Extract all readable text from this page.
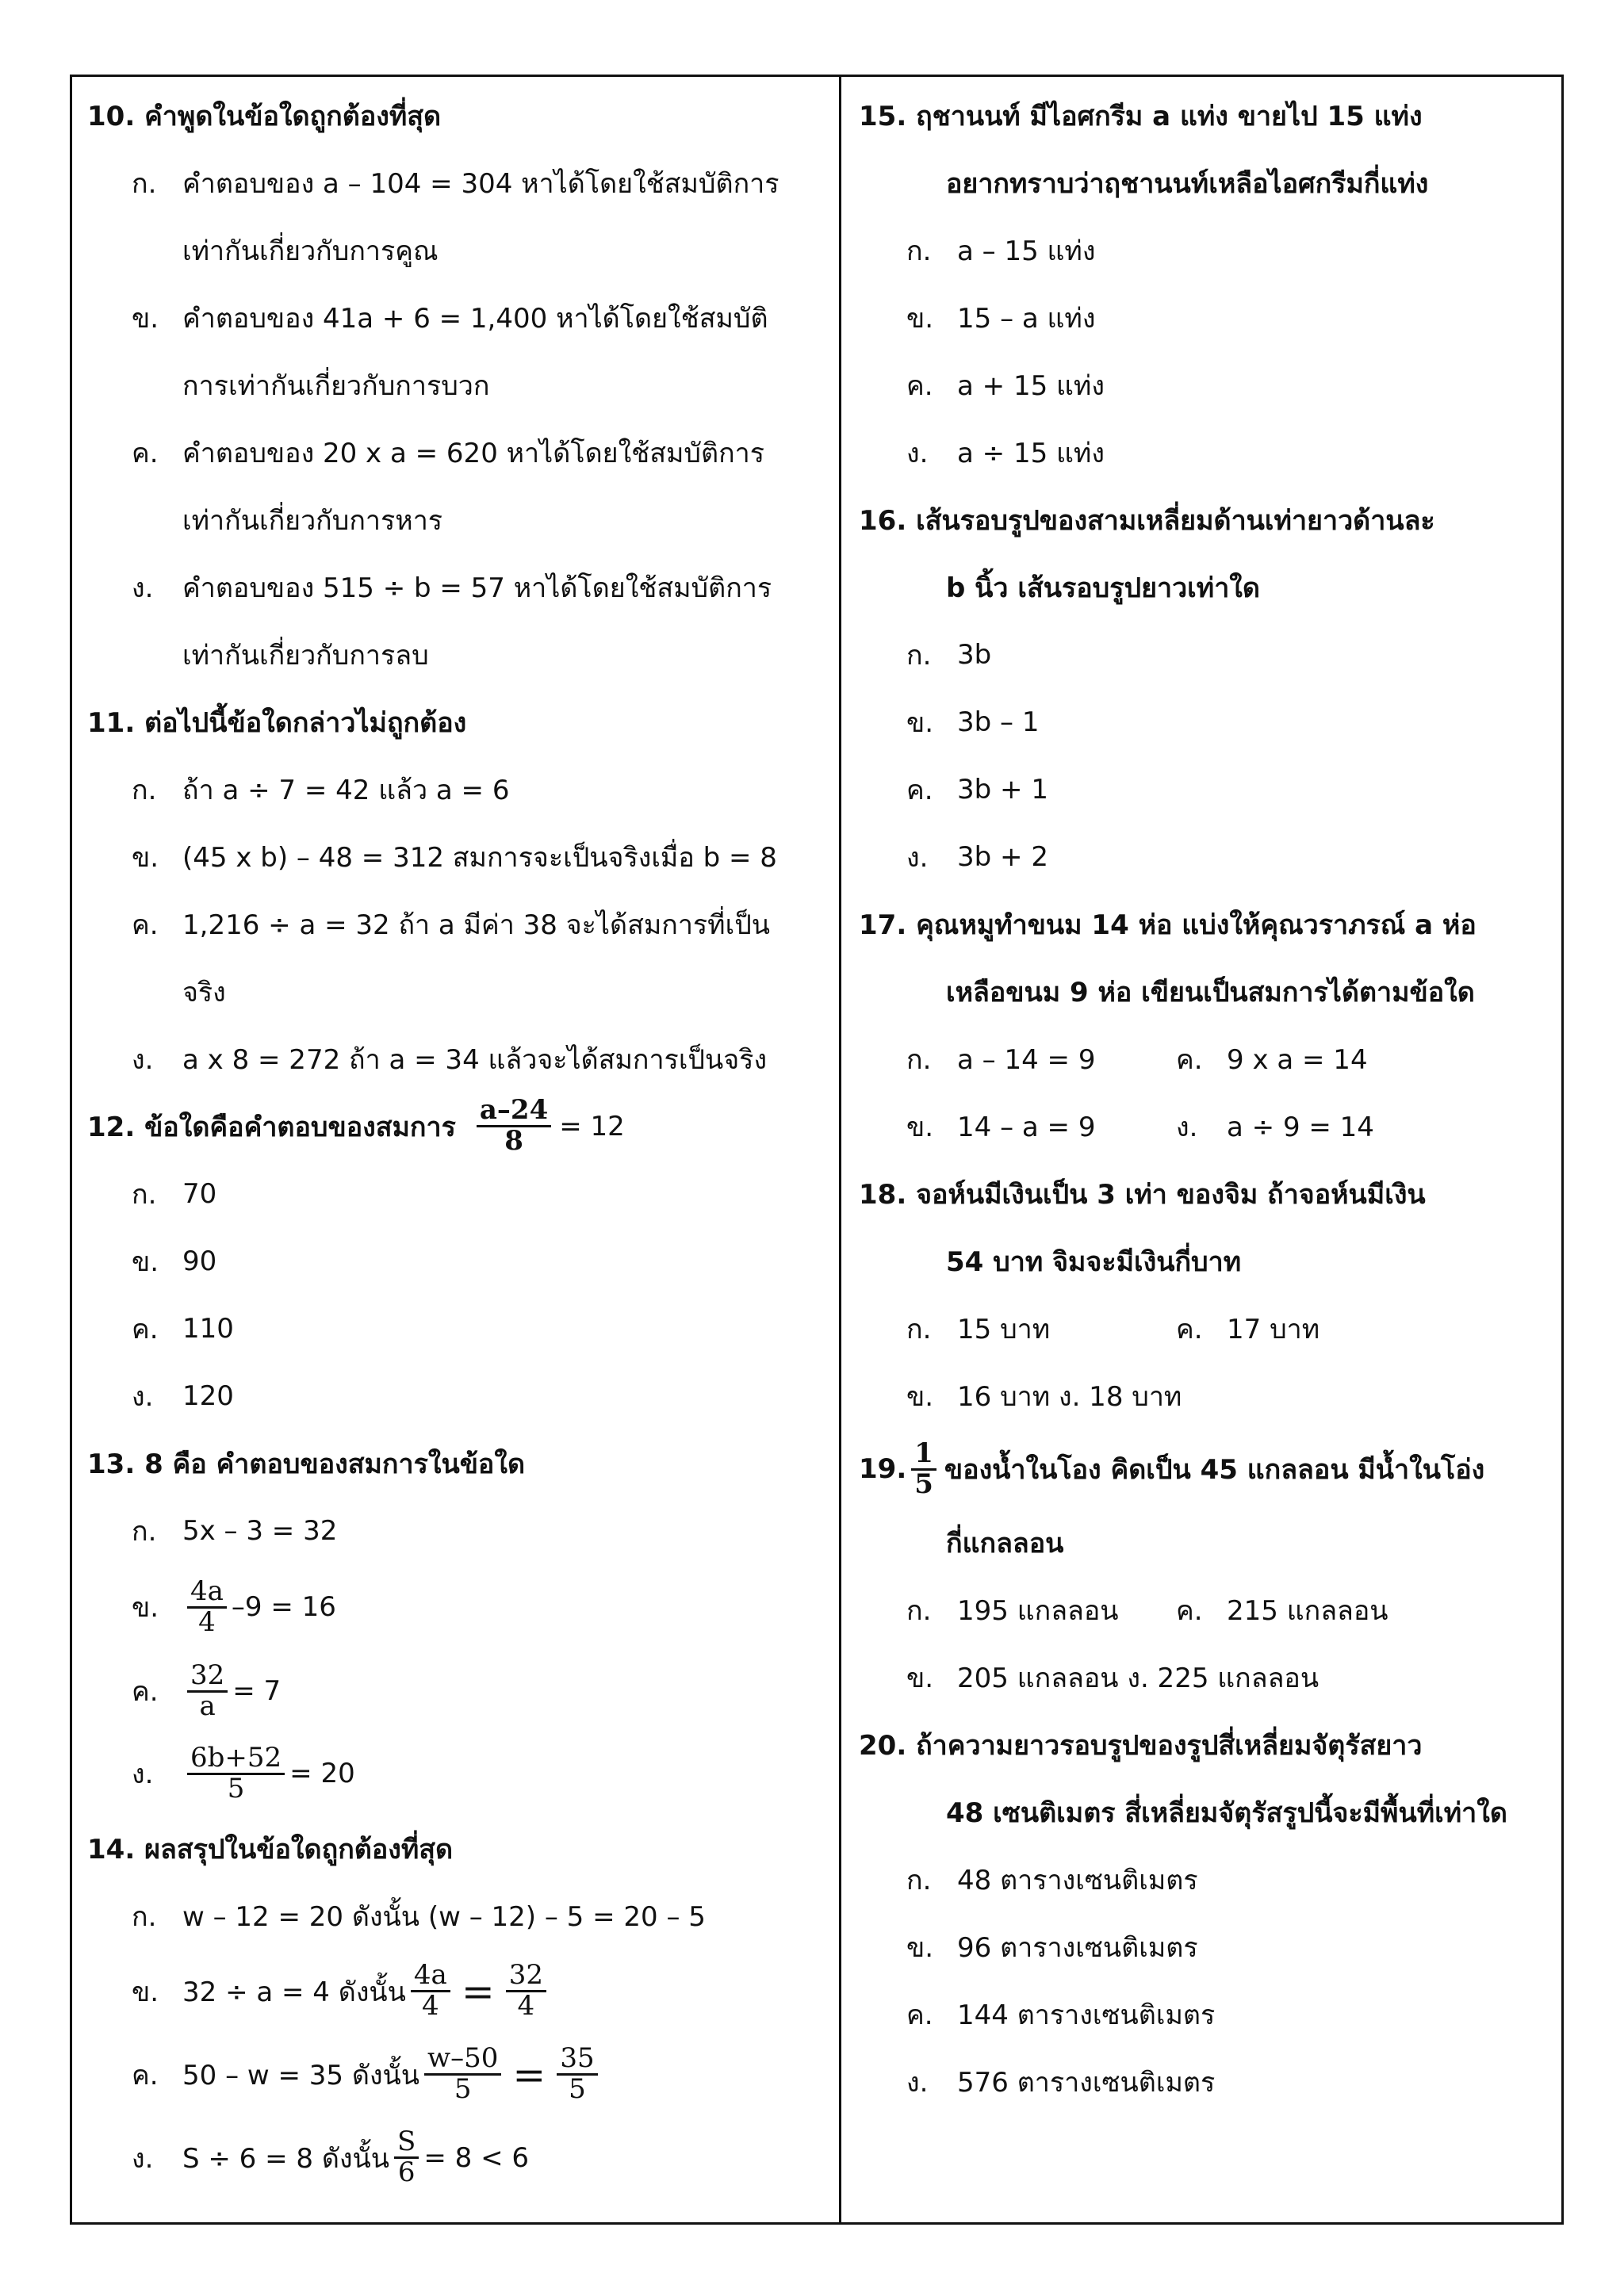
10. คำพูดในข้อใดถูกต้องที่สุด
ก. คำตอบของ a – 104 = 304 หาได้โดยใช้สมบัติการ
เท่ากันเกี่ยวกับการคูณ
ข. คำตอบของ 41a + 6 = 1,400 หาได้โดยใช้สมบัติ
การเท่ากันเกี่ยวกับการบวก
ค. คำตอบของ 20 x a = 620 หาได้โดยใช้สมบัติการ
เท่ากันเกี่ยวกับการหาร
ง.	คำตอบของ 515 ÷ b = 57 หาได้โดยใช้สมบัติการ
เท่ากันเกี่ยวกับการลบ
11. ต่อไปนี้ข้อใดกล่าวไม่ถูกต้อง
ก. ถ้า a ÷ 7 = 42 แล้ว a = 6
ข. (45 x b) – 48 = 312 สมการจะเป็นจริงเมื่อ b = 8
ค. 1,216 ÷ a = 32 ถ้า a มีค่า 38 จะได้สมการที่เป็น
จริง
ง.	a x 8 = 272 ถ้า a = 34 แล้วจะได้สมการเป็นจริง
12. ข้อใดคือคำตอบของสมการ $\frac{a-24}{8} = 12$
ก. 70
ข. 90
ค. 110
ง.	120
13. 8 คือ คำตอบของสมการในข้อใด
ก. 5x – 3 = 32
ข.	$\frac{4a}{4} -9 = 16$
ค.	$\frac{32}{a} = 7$
ง.	$\frac{6b+52}{5} = 20$
14. ผลสรุปในข้อใดถูกต้องที่สุด
ก. w – 12 = 20 ดังนั้น (w – 12) – 5 = 20 – 5
ข. 32 ÷ a = 4 ดังนั้น $\frac{4a}{4} = \frac{32}{4}$
ค. 50 – w = 35 ดังนั้น $\frac{w-50}{5} = \frac{35}{5}$
ง.	S ÷ 6 = 8 ดังนั้น $\frac{S}{6} = 8 < 6$
15. ฤชานนท์ มีไอศกรีม a แท่ง ขายไป 15 แท่ง
อยากทราบว่าฤชานนท์เหลือไอศกรีมกี่แท่ง
ก. a – 15 แท่ง
ข. 15 – a แท่ง
ค. a + 15 แท่ง
ง.	a ÷ 15 แท่ง
16. เส้นรอบรูปของสามเหลี่ยมด้านเท่ายาวด้านละ
b นิ้ว เส้นรอบรูปยาวเท่าใด
ก. 3b
ข. 3b – 1
ค. 3b + 1
ง.	3b + 2
17. คุณหมูทำขนม 14 ห่อ แบ่งให้คุณวราภรณ์ a ห่อ
เหลือขนม 9 ห่อ เขียนเป็นสมการได้ตามข้อใด
ก. a – 14 = 9	ค. 9 x a = 14
ข. 14 – a = 9	ง. a ÷ 9 = 14
18. จอห์นมีเงินเป็น 3 เท่า ของจิม ถ้าจอห์นมีเงิน
54 บาท จิมจะมีเงินกี่บาท
ก. 15 บาท	ค. 17 บาท
ข. 16 บาท ง. 18 บาท
19. $\frac{1}{5}$ ของน้ำในโอง คิดเป็น 45 แกลลอน มีน้ำในโอ่ง
กี่แกลลอน
ก. 195 แกลลอน	ค. 215 แกลลอน
ข. 205 แกลลอน ง. 225 แกลลอน
20. ถ้าความยาวรอบรูปของรูปสี่เหลี่ยมจัตุรัสยาว
48 เซนติเมตร สี่เหลี่ยมจัตุรัสรูปนี้จะมีพื้นที่เท่าใด
ก. 48 ตารางเซนติเมตร
ข. 96 ตารางเซนติเมตร
ค. 144 ตารางเซนติเมตร
ง.	576 ตารางเซนติเมตร
